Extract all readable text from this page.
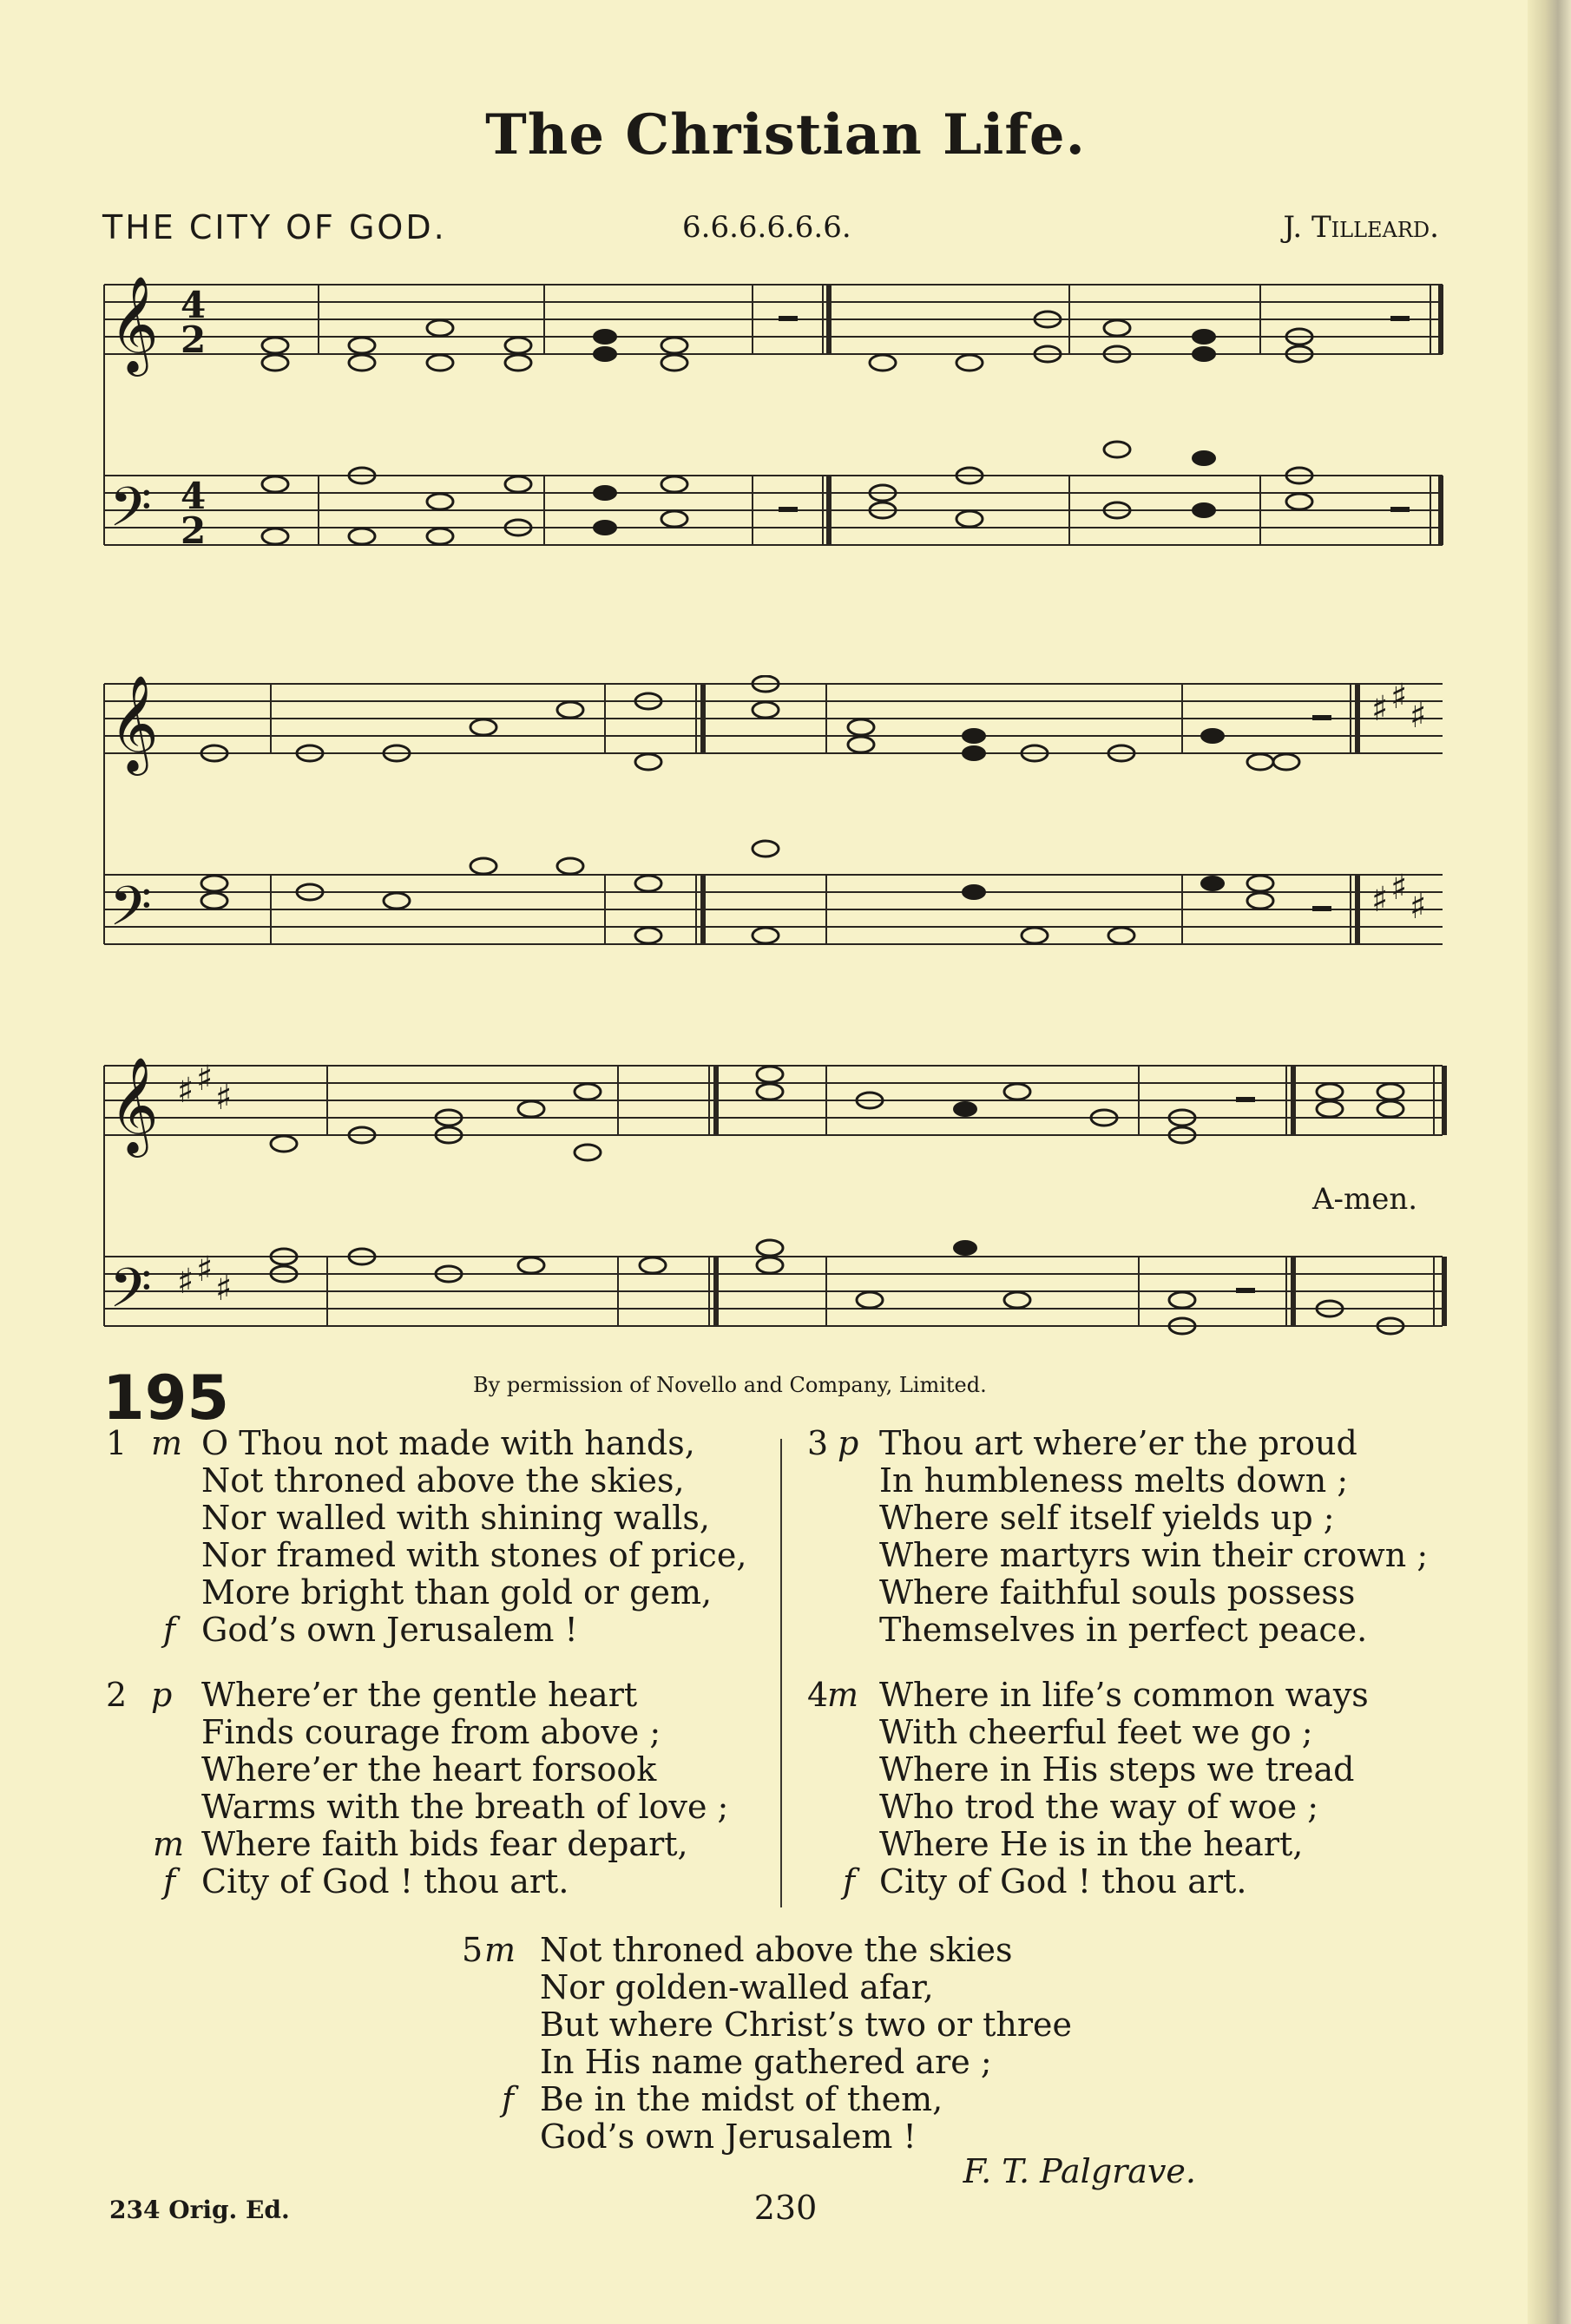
The Christian Life.
THE CITY OF GOD.	6.6.6.6.6.6.	J. Tilleard.
𝄞
𝄢
4
2
4
2
𝄞
𝄢
♯ ♯ ♯
♯ ♯ ♯
𝄞
𝄢
♯ ♯ ♯
♯ ♯ ♯
A-men.
195	By permission of Novello and Company, Limited.
1 m O Thou not made with hands,
Not throned above the skies,
Nor walled with shining walls,
Nor framed with stones of price,
More bright than gold or gem,
f God’s own Jerusalem !
2 p Where’er the gentle heart
Finds courage from above ;
Where’er the heart forsook
Warms with the breath of love ;
m Where faith bids fear depart,
f City of God ! thou art.
3 p Thou art where’er the proud
In humbleness melts down ;
Where self itself yields up ;
Where martyrs win their crown ;
Where faithful souls possess
Themselves in perfect peace.
4
m Where in life’s common ways
With cheerful feet we go ;
Where in His steps we tread
Who trod the way of woe ;
Where He is in the heart,
f City of God ! thou art.
5 m Not throned above the skies
Nor golden-walled afar,
But where Christ’s two or three
In His name gathered are ;
f Be in the midst of them,
God’s own Jerusalem !
F. T. Palgrave.
234 Orig. Ed.	230
